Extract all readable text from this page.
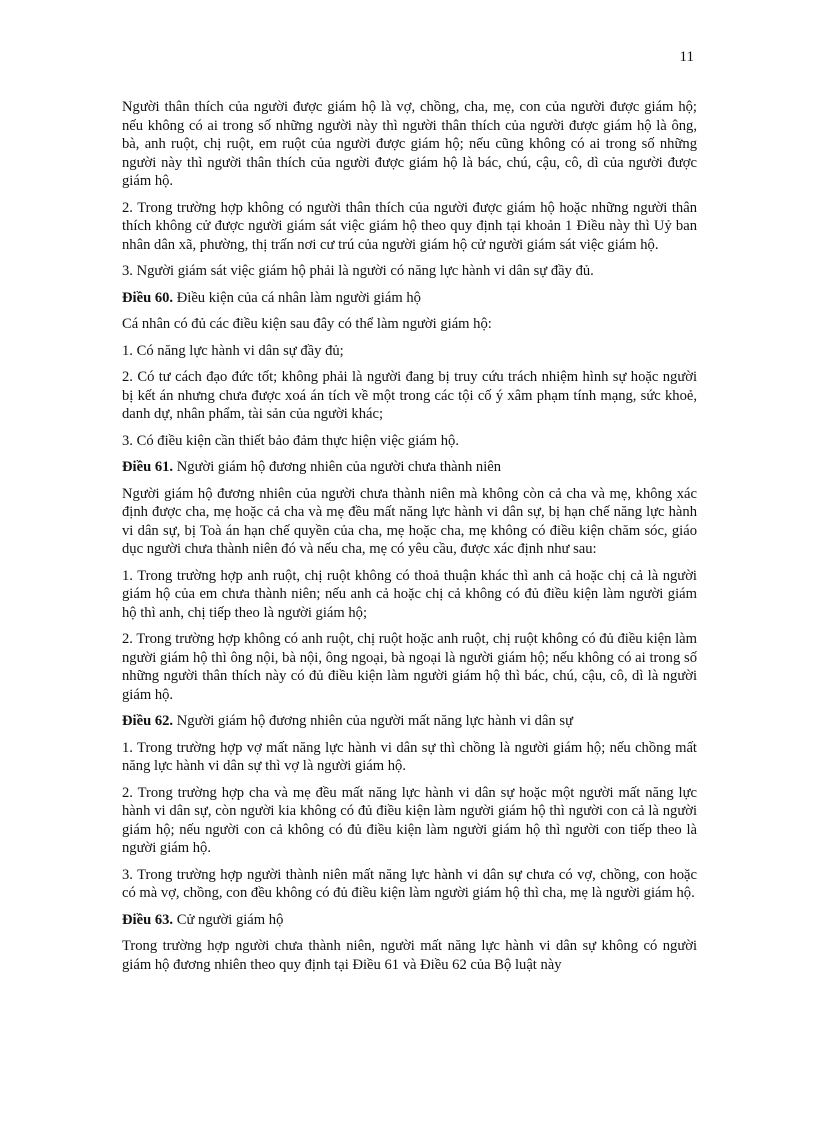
11

Người thân thích của người được giám hộ là vợ, chồng, cha, mẹ, con của người được giám hộ; nếu không có ai trong số những người này thì người thân thích của người được giám hộ là ông, bà, anh ruột, chị ruột, em ruột của người được giám hộ; nếu cũng không có ai trong số những người này thì người thân thích của người được giám hộ là bác, chú, cậu, cô, dì của người được giám hộ.

2. Trong trường hợp không có người thân thích của người được giám hộ hoặc những người thân thích không cử được người giám sát việc giám hộ theo quy định tại khoản 1 Điều này thì Uỷ ban nhân dân xã, phường, thị trấn nơi cư trú của người giám hộ cử người giám sát việc giám hộ.

3. Người giám sát việc giám hộ phải là người có năng lực hành vi dân sự đầy đủ.

Điều 60. Điều kiện của cá nhân làm người giám hộ

Cá nhân có đủ các điều kiện sau đây có thể làm người giám hộ:

1. Có năng lực hành vi dân sự đầy đủ;

2. Có tư cách đạo đức tốt; không phải là người đang bị truy cứu trách nhiệm hình sự hoặc người bị kết án nhưng chưa được xoá án tích về một trong các tội cố ý xâm phạm tính mạng, sức khoẻ, danh dự, nhân phẩm, tài sản của người khác;

3. Có điều kiện cần thiết bảo đảm thực hiện việc giám hộ.

Điều 61. Người giám hộ đương nhiên của người chưa thành niên

Người giám hộ đương nhiên của người chưa thành niên mà không còn cả cha và mẹ, không xác định được cha, mẹ hoặc cả cha và mẹ đều mất năng lực hành vi dân sự, bị hạn chế năng lực hành vi dân sự, bị Toà án hạn chế quyền của cha, mẹ hoặc cha, mẹ không có điều kiện chăm sóc, giáo dục người chưa thành niên đó và nếu cha, mẹ có yêu cầu, được xác định như sau:

1. Trong trường hợp anh ruột, chị ruột không có thoả thuận khác thì anh cả hoặc chị cả là người giám hộ của em chưa thành niên; nếu anh cả hoặc chị cả không có đủ điều kiện làm người giám hộ thì anh, chị tiếp theo là người giám hộ;

2. Trong trường hợp không có anh ruột, chị ruột hoặc anh ruột, chị ruột không có đủ điều kiện làm người giám hộ thì ông nội, bà nội, ông ngoại, bà ngoại là người giám hộ; nếu không có ai trong số những người thân thích này có đủ điều kiện làm người giám hộ thì bác, chú, cậu, cô, dì là người giám hộ.

Điều 62. Người giám hộ đương nhiên của người mất năng lực hành vi dân sự

1. Trong trường hợp vợ mất năng lực hành vi dân sự thì chồng là người giám hộ; nếu chồng mất năng lực hành vi dân sự thì vợ là người giám hộ.

2. Trong trường hợp cha và mẹ đều mất năng lực hành vi dân sự hoặc một người mất năng lực hành vi dân sự, còn người kia không có đủ điều kiện làm người giám hộ thì người con cả là người giám hộ; nếu người con cả không có đủ điều kiện làm người giám hộ thì người con tiếp theo là người giám hộ.

3. Trong trường hợp người thành niên mất năng lực hành vi dân sự chưa có vợ, chồng, con hoặc có mà vợ, chồng, con đều không có đủ điều kiện làm người giám hộ thì cha, mẹ là người giám hộ.

Điều 63. Cử người giám hộ

Trong trường hợp người chưa thành niên, người mất năng lực hành vi dân sự không có người giám hộ đương nhiên theo quy định tại Điều 61 và Điều 62 của Bộ luật này
